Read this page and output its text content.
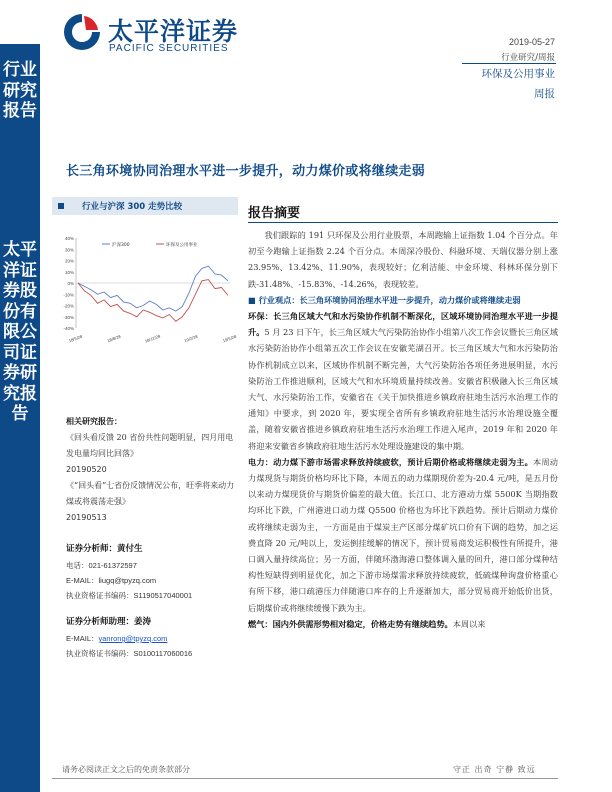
行业研究报告
太平洋证券股份有限公司证券研究报告
太平洋证券
PACIFIC SECURITIES
2019-05-27
行业研究/周报
环保及公用事业
周报
长三角环境协同治理水平进一步提升，动力煤价或将继续走弱
行业与沪深 300 走势比较
40%
30%
20%
10%
0%
-10%
-20%
-30%
-40%
18/5/28	18/8/28	18/11/28	19/2/28	19/5/28
沪深300	环保及公用事业
相关研究报告：
《回头看反馈 20 省份共性问题明显，四月用电发电量均同比回落》
20190520
《“回头看”七省份反馈情况公布，旺季将来动力煤或将震荡走强》
20190513
证券分析师：黄付生
电话：021-61372597
E-MAIL：liugq@tpyzq.com
执业资格证书编码：S1190517040001
证券分析师助理：姜涛
E-MAIL：yanrong@tpyzq.com
执业资格证书编码：S0100117060016
报告摘要

我们跟踪的 191 只环保及公用行业股票，本周跑输上证指数 1.04 个百分点。年初至今跑输上证指数 2.24 个百分点。本周深冷股份、科融环境、天瑞仪器分别上涨 23.95%、13.42%、11.90%，表现较好；亿利洁能、中金环境、科林环保分别下跌-31.48%、-15.83%、-14.26%，表现较差。

■ 行业观点：长三角环境协同治理水平进一步提升，动力煤价或将继续走弱

环保：长三角区域大气和水污染协作机制不断深化，区域环境协同治理水平进一步提升。5 月 23 日下午，长三角区域大气污染防治协作小组第八次工作会议暨长三角区域水污染防治协作小组第五次工作会议在安徽芜湖召开。长三角区域大气和水污染防治协作机制成立以来，区域协作机制不断完善，大气污染防治各项任务进展明显，水污染防治工作推进顺利，区域大气和水环境质量持续改善。安徽省积极融入长三角区域大气、水污染防治工作，安徽省在《关于加快推进乡镇政府驻地生活污水治理工作的通知》中要求，到 2020 年，要实现全省所有乡镇政府驻地生活污水治理设施全覆盖，随着安徽省推进乡镇政府驻地生活污水治理工作进入尾声，2019 年和 2020 年将迎来安徽省乡镇政府驻地生活污水处理设施建设的集中期。

电力：动力煤下游市场需求释放持续疲软，预计后期价格或将继续走弱为主。本周动力煤现货与期货价格均环比下降，本周五的动力煤期现价差为-20.4 元/吨，是五月份以来动力煤现货价与期货价偏差的最大值。长江口、北方港动力煤 5500K 当期指数均环比下跌，广州港进口动力煤 Q5500 价格也为环比下跌趋势。预计后期动力煤价或将继续走弱为主，一方面是由于煤炭主产区部分煤矿坑口价有下调的趋势，加之运费直降 20 元/吨以上，发运倒挂缓解的情况下，预计贸易商发运积极性有所提升，港口调入量持续高位；另一方面，伴随环渤海港口整体调入量的回升，港口部分煤种结构性短缺得到明显优化，加之下游市场煤需求释放持续疲软，低硫煤种询盘价格重心有所下移，港口疏港压力伴随港口库存的上升逐渐加大，部分贸易商开始低价出货，后期煤价或将继续缓慢下跌为主。

燃气：国内外供需形势相对稳定，价格走势有继续趋势。本周以来

请务必阅读正文之后的免责条款部分	守正 出奇 宁静 致远
